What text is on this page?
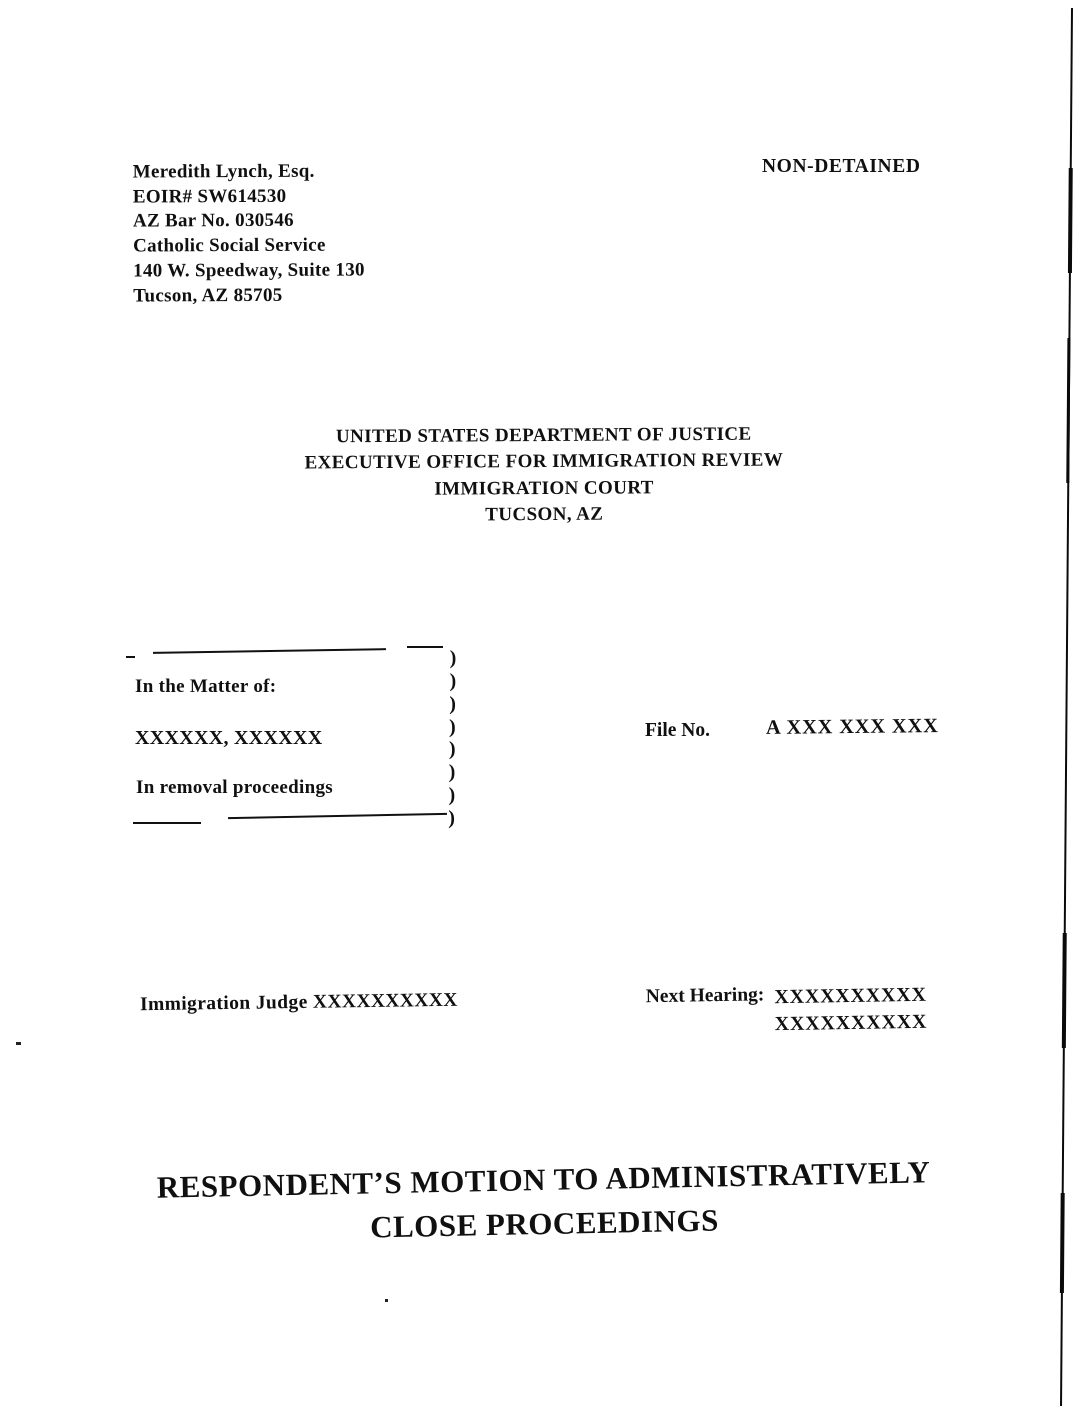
Meredith Lynch, Esq.
EOIR# SW614530
AZ Bar No. 030546
Catholic Social Service
140 W. Speedway, Suite 130
Tucson, AZ 85705
NON-DETAINED
UNITED STATES DEPARTMENT OF JUSTICE
EXECUTIVE OFFICE FOR IMMIGRATION REVIEW
IMMIGRATION COURT
TUCSON, AZ
In the Matter of:
XXXXXX, XXXXXX
In removal proceedings
)
)
)
)
)
)
)
)
File No.	A XXX XXX XXX
Immigration Judge XXXXXXXXXX	Next Hearing: XXXXXXXXXX
XXXXXXXXXX
RESPONDENT’S MOTION TO ADMINISTRATIVELY
CLOSE PROCEEDINGS
